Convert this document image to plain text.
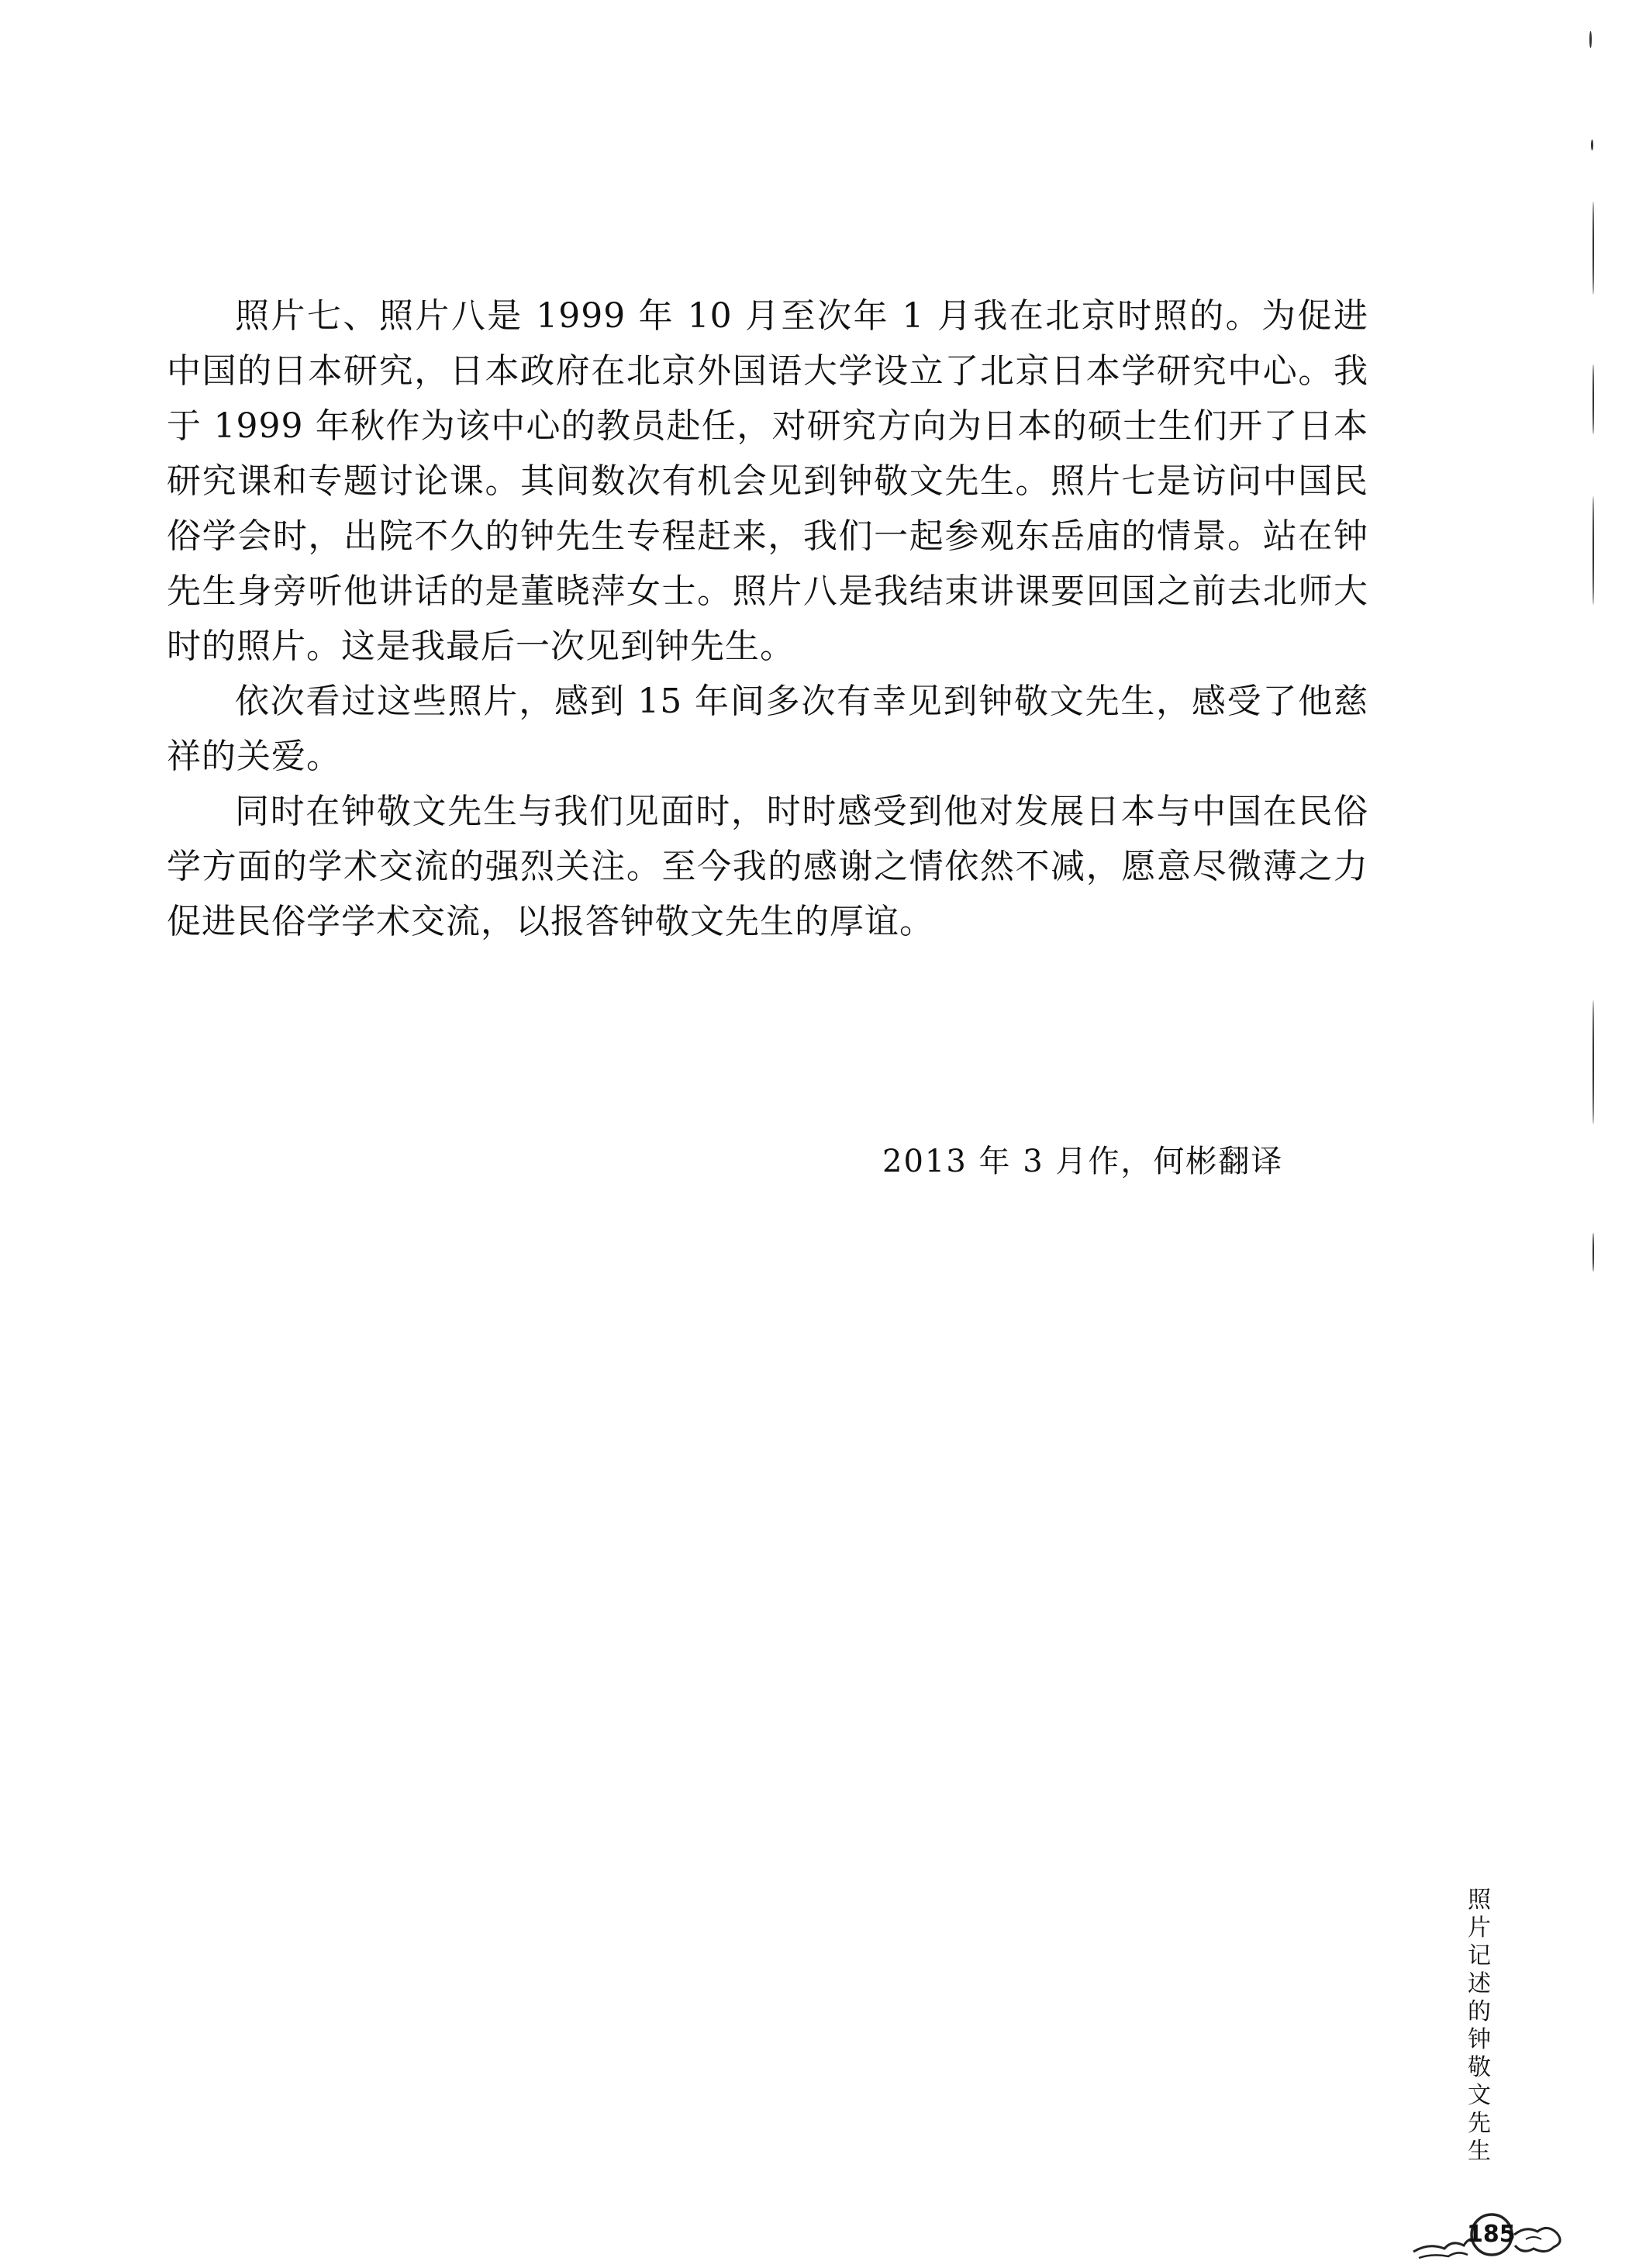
照片七、照片八是 1999 年 10 月至次年 1 月我在北京时照的。为促进中国的日本研究，日本政府在北京外国语大学设立了北京日本学研究中心。我于 1999 年秋作为该中心的教员赴任，对研究方向为日本的硕士生们开了日本研究课和专题讨论课。其间数次有机会见到钟敬文先生。照片七是访问中国民俗学会时，出院不久的钟先生专程赶来，我们一起参观东岳庙的情景。站在钟先生身旁听他讲话的是董晓萍女士。照片八是我结束讲课要回国之前去北师大时的照片。这是我最后一次见到钟先生。

依次看过这些照片，感到 15 年间多次有幸见到钟敬文先生，感受了他慈祥的关爱。

同时在钟敬文先生与我们见面时，时时感受到他对发展日本与中国在民俗学方面的学术交流的强烈关注。至今我的感谢之情依然不减，愿意尽微薄之力促进民俗学学术交流，以报答钟敬文先生的厚谊。

2013 年 3 月作，何彬翻译
照片记述的钟敬文先生
185
